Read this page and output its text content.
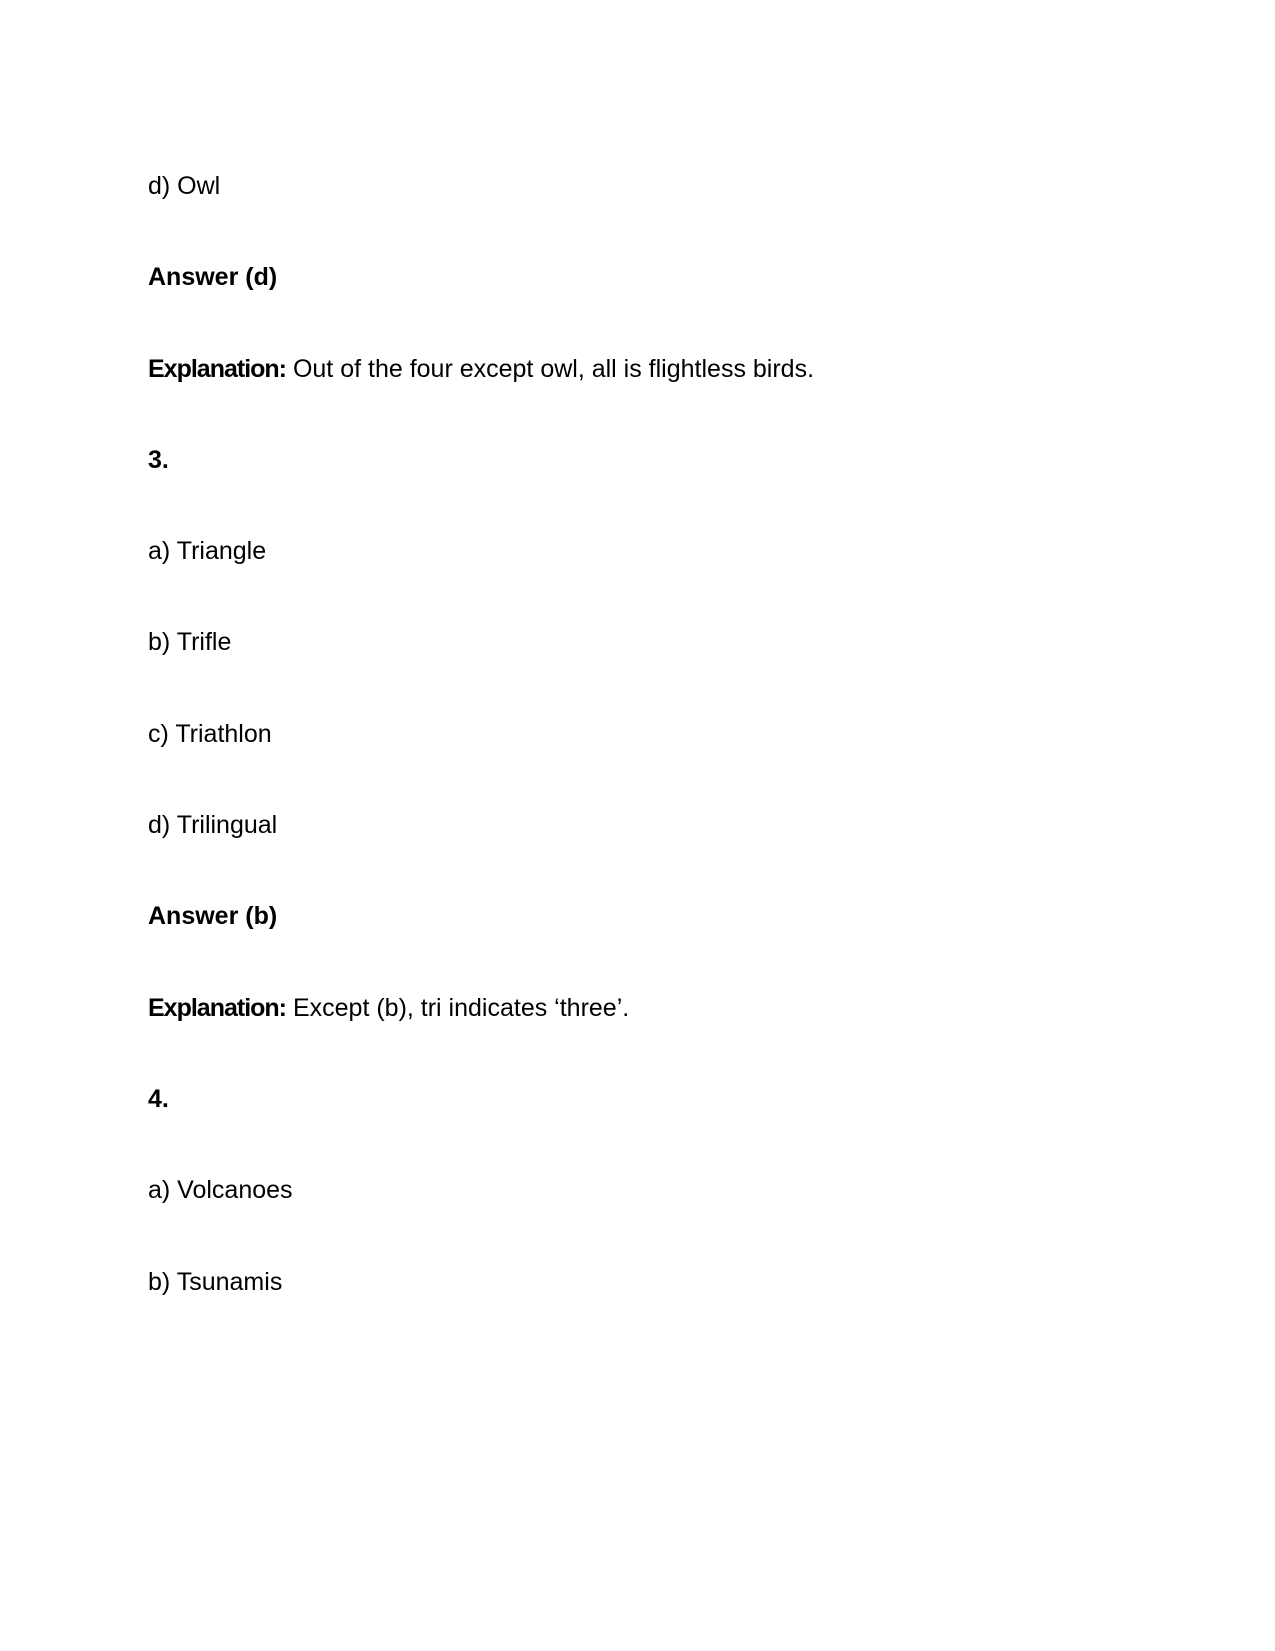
d) Owl

Answer (d)

Explanation: Out of the four except owl, all is flightless birds.

3.

a) Triangle

b) Trifle

c) Triathlon

d) Trilingual

Answer (b)

Explanation: Except (b), tri indicates ‘three’.

4.

a) Volcanoes

b) Tsunamis
